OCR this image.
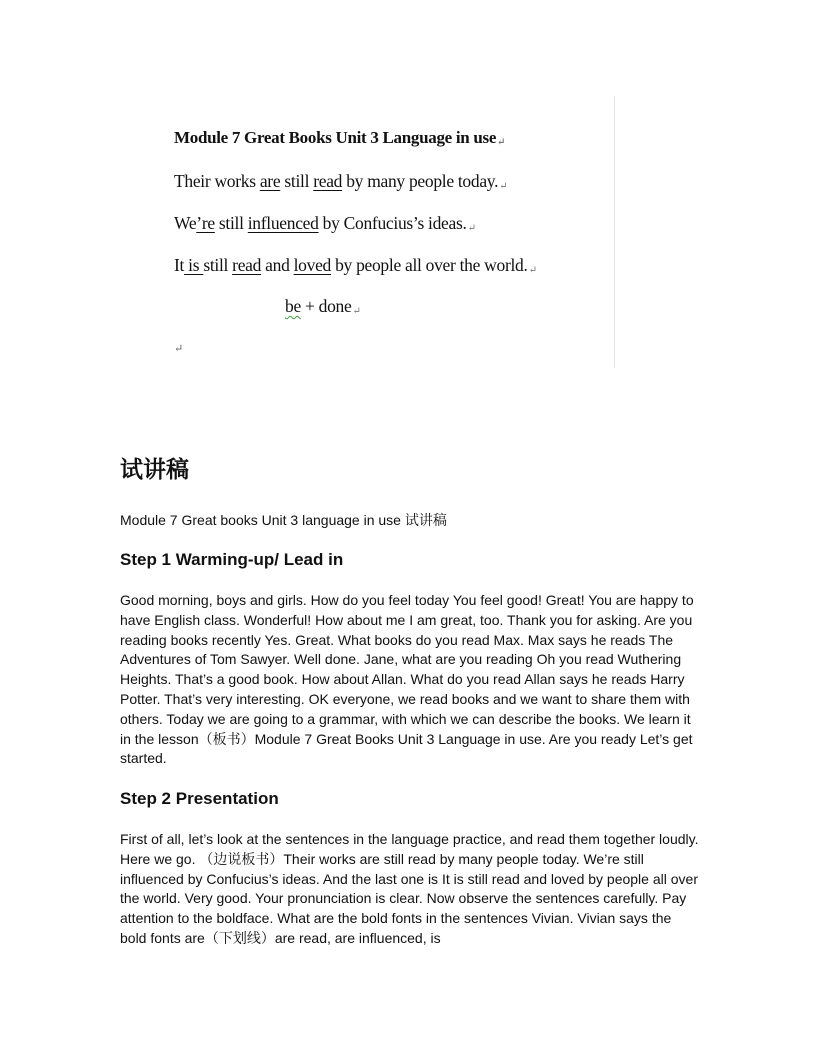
Module 7 Great Books Unit 3 Language in use↵
Their works are still read by many people today.↵
We’re still influenced by Confucius’s ideas.↵
It is still read and loved by people all over the world.↵
be + done↵
↵
试讲稿

Module 7 Great books Unit 3 language in use 试讲稿

Step 1 Warming-up/ Lead in

Good morning, boys and girls. How do you feel today You feel good! Great! You are happy to have English class. Wonderful! How about me I am great, too. Thank you for asking. Are you reading books recently Yes. Great. What books do you read Max. Max says he reads The Adventures of Tom Sawyer. Well done. Jane, what are you reading Oh you read Wuthering Heights. That’s a good book. How about Allan. What do you read Allan says he reads Harry Potter. That’s very interesting. OK everyone, we read books and we want to share them with others. Today we are going to a grammar, with which we can describe the books. We learn it in the lesson（板书）Module 7 Great Books Unit 3 Language in use. Are you ready Let’s get started.

Step 2 Presentation

First of all, let’s look at the sentences in the language practice, and read them together loudly. Here we go. （边说板书）Their works are still read by many people today. We’re still influenced by Confucius’s ideas. And the last one is It is still read and loved by people all over the world. Very good. Your pronunciation is clear. Now observe the sentences carefully. Pay attention to the boldface. What are the bold fonts in the sentences Vivian. Vivian says the bold fonts are（下划线）are read, are influenced, is
